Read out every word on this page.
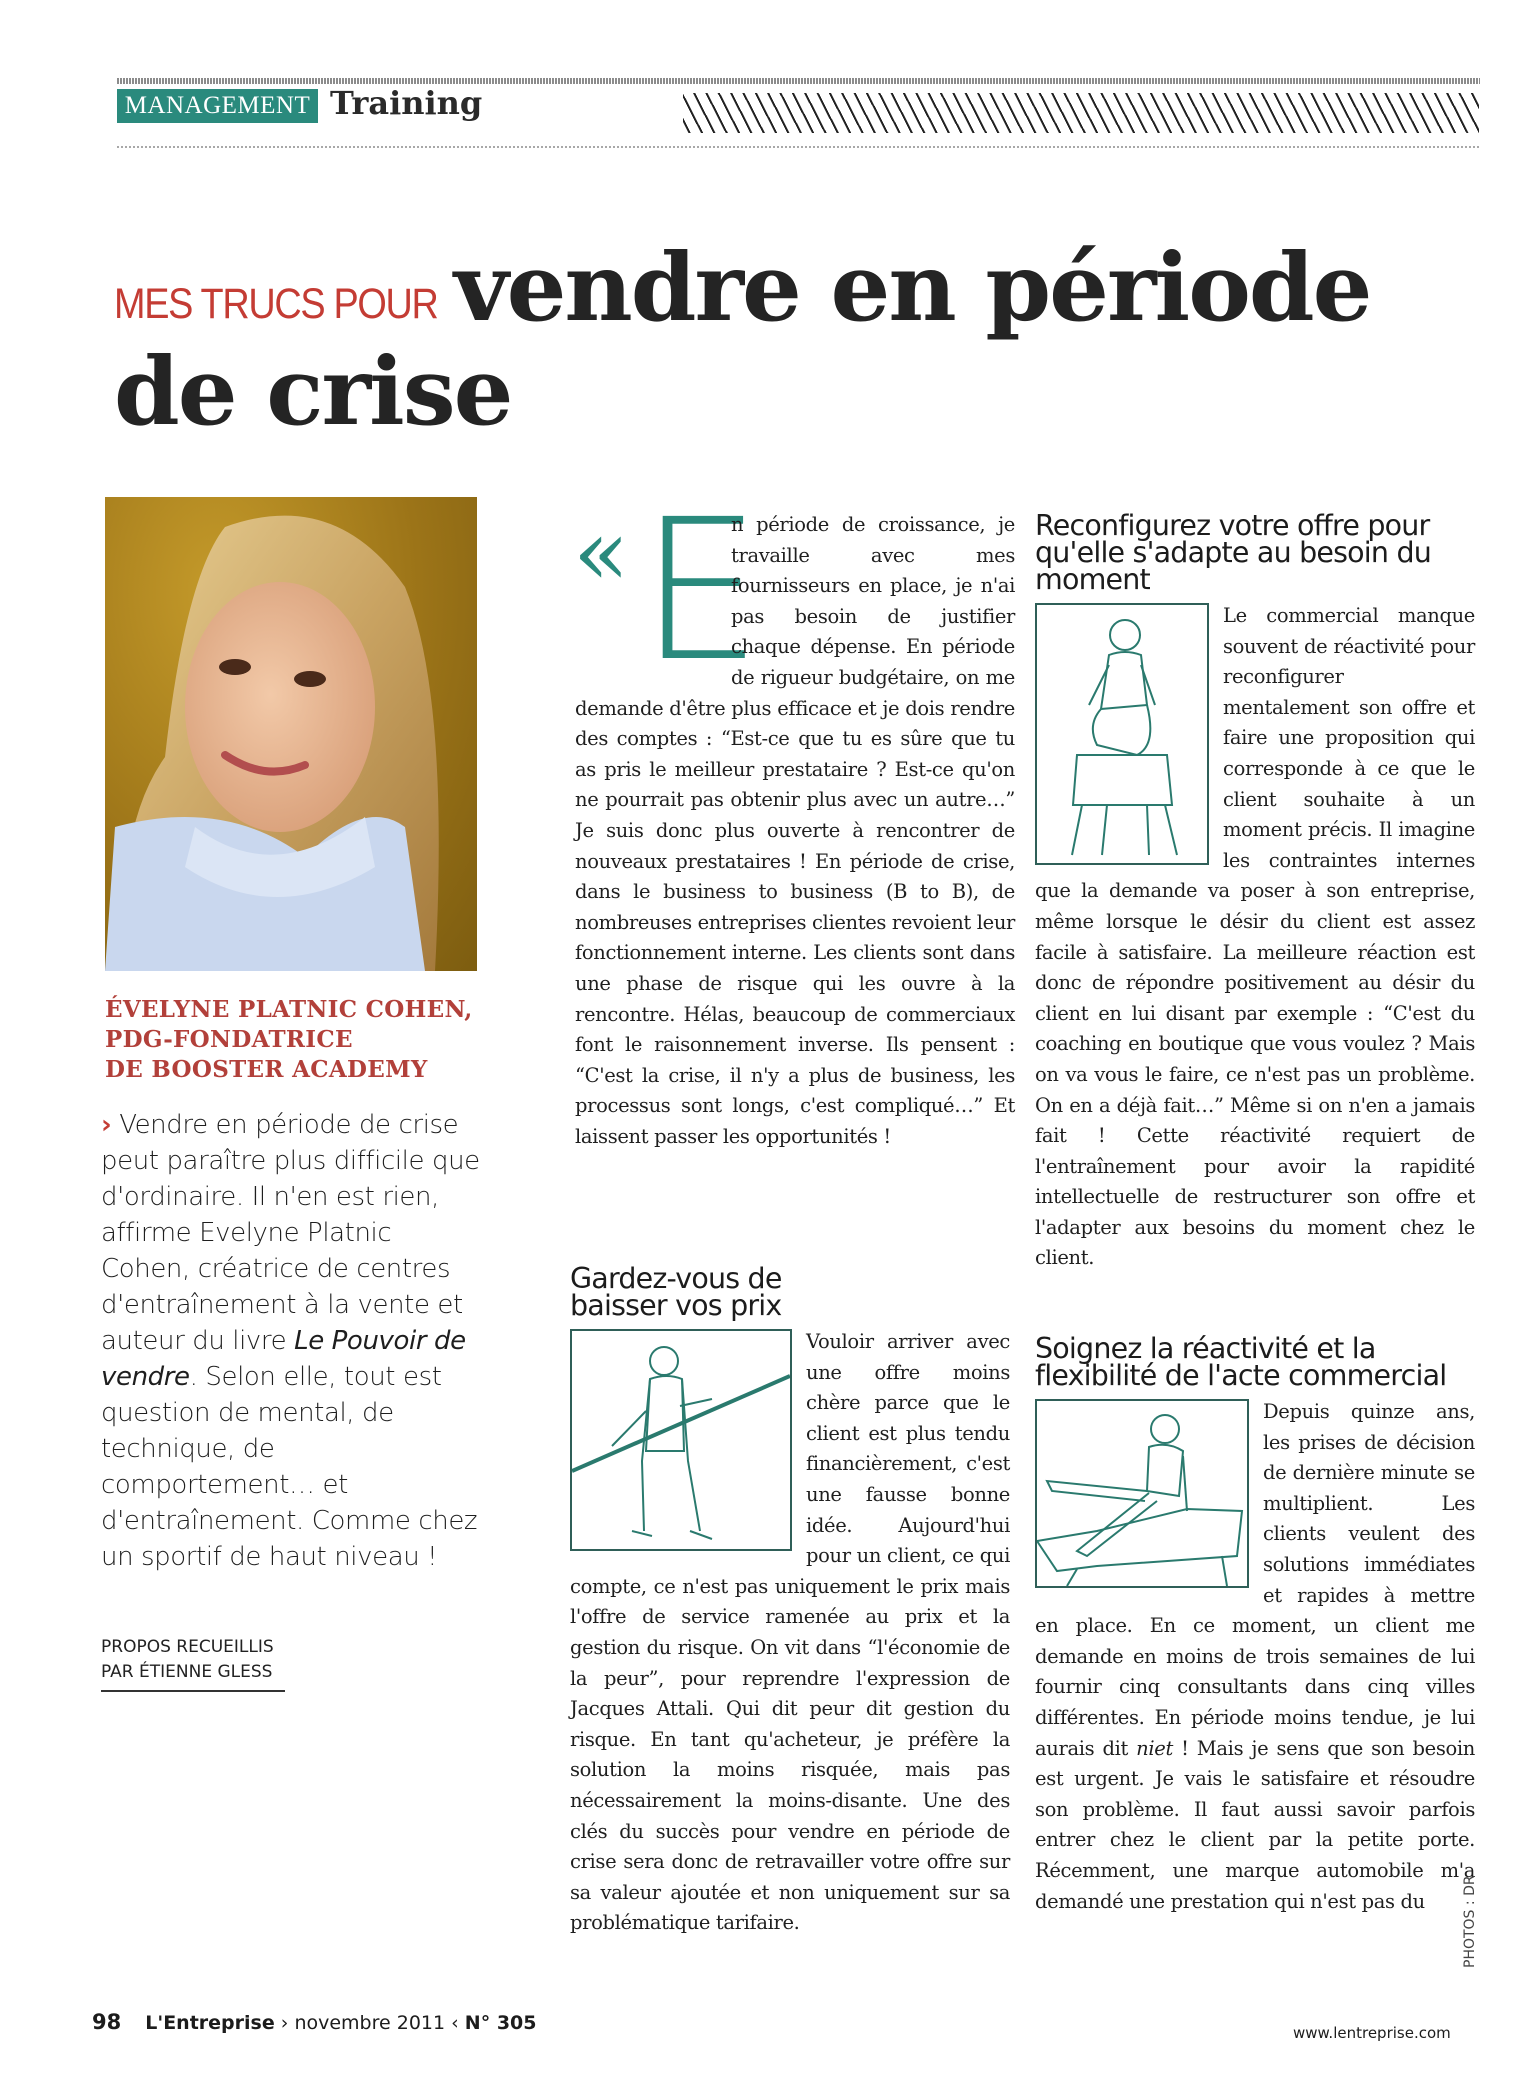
MANAGEMENT Training
MES TRUCS POUR vendre en période
de crise
ÉVELYNE PLATNIC COHEN,
PDG-FONDATRICE
DE BOOSTER ACADEMY
› Vendre en période de crise peut paraître plus difficile que d'ordinaire. Il n'en est rien, affirme Evelyne Platnic Cohen, créatrice de centres d'entraînement à la vente et auteur du livre Le Pouvoir de vendre. Selon elle, tout est question de mental, de technique, de comportement… et d'entraînement. Comme chez un sportif de haut niveau !
PROPOS RECUEILLIS
PAR ÉTIENNE GLESS
« E
n période de croissance, je travaille avec mes fournisseurs en place, je n'ai pas besoin de justifier chaque dépense. En période de rigueur budgétaire, on me demande d'être plus efficace et je dois rendre des comptes : “Est-ce que tu es sûre que tu as pris le meilleur prestataire ? Est-ce qu'on ne pourrait pas obtenir plus avec un autre…” Je suis donc plus ouverte à rencontrer de nouveaux prestataires ! En période de crise, dans le business to business (B to B), de nombreuses entreprises clientes revoient leur fonctionnement interne. Les clients sont dans une phase de risque qui les ouvre à la rencontre. Hélas, beaucoup de commerciaux font le raisonnement inverse. Ils pensent : “C'est la crise, il n'y a plus de business, les processus sont longs, c'est compliqué…” Et laissent passer les opportunités !
Gardez-vous de baisser vos prix
Vouloir arriver avec une offre moins chère parce que le client est plus tendu financièrement, c'est une fausse bonne idée. Aujourd'hui pour un client, ce qui compte, ce n'est pas uniquement le prix mais l'offre de service ramenée au prix et la gestion du risque. On vit dans “l'économie de la peur”, pour reprendre l'expression de Jacques Attali. Qui dit peur dit gestion du risque. En tant qu'acheteur, je préfère la solution la moins risquée, mais pas nécessairement la moins-disante. Une des clés du succès pour vendre en période de crise sera donc de retravailler votre offre sur sa valeur ajoutée et non uniquement sur sa problématique tarifaire.
Reconfigurez votre offre pour qu'elle s'adapte au besoin du moment
Le commercial manque souvent de réactivité pour reconfigurer mentalement son offre et faire une proposition qui corresponde à ce que le client souhaite à un moment précis. Il imagine les contraintes internes que la demande va poser à son entreprise, même lorsque le désir du client est assez facile à satisfaire. La meilleure réaction est donc de répondre positivement au désir du client en lui disant par exemple : “C'est du coaching en boutique que vous voulez ? Mais on va vous le faire, ce n'est pas un problème. On en a déjà fait…” Même si on n'en a jamais fait ! Cette réactivité requiert de l'entraînement pour avoir la rapidité intellectuelle de restructurer son offre et l'adapter aux besoins du moment chez le client.
Soignez la réactivité et la flexibilité de l'acte commercial
Depuis quinze ans, les prises de décision de dernière minute se multiplient. Les clients veulent des solutions immédiates et rapides à mettre en place. En ce moment, un client me demande en moins de trois semaines de lui fournir cinq consultants dans cinq villes différentes. En période moins tendue, je lui aurais dit niet ! Mais je sens que son besoin est urgent. Je vais le satisfaire et résoudre son problème. Il faut aussi savoir parfois entrer chez le client par la petite porte. Récemment, une marque automobile m'a demandé une prestation qui n'est pas du	PHOTOS : DR
98 L'Entreprise › novembre 2011 ‹ N° 305	www.lentreprise.com
